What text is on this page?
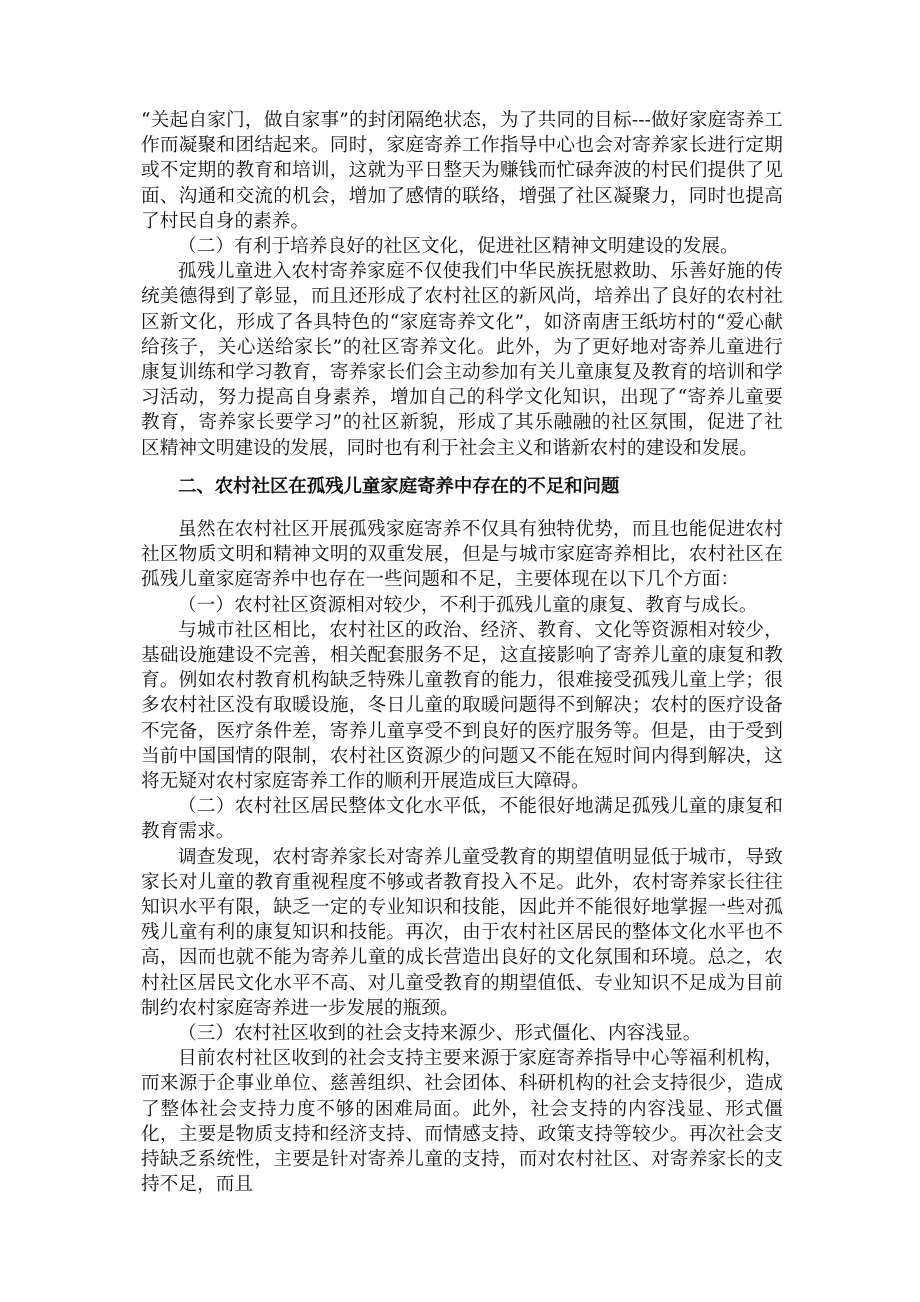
“关起自家门，做自家事”的封闭隔绝状态，为了共同的目标---做好家庭寄养工作而凝聚和团结起来。同时，家庭寄养工作指导中心也会对寄养家长进行定期或不定期的教育和培训，这就为平日整天为赚钱而忙碌奔波的村民们提供了见面、沟通和交流的机会，增加了感情的联络，增强了社区凝聚力，同时也提高了村民自身的素养。

（二）有利于培养良好的社区文化，促进社区精神文明建设的发展。

孤残儿童进入农村寄养家庭不仅使我们中华民族抚慰救助、乐善好施的传统美德得到了彰显，而且还形成了农村社区的新风尚，培养出了良好的农村社区新文化，形成了各具特色的“家庭寄养文化”，如济南唐王纸坊村的“爱心献给孩子，关心送给家长”的社区寄养文化。此外，为了更好地对寄养儿童进行康复训练和学习教育，寄养家长们会主动参加有关儿童康复及教育的培训和学习活动，努力提高自身素养，增加自己的科学文化知识，出现了“寄养儿童要教育，寄养家长要学习”的社区新貌，形成了其乐融融的社区氛围，促进了社区精神文明建设的发展，同时也有利于社会主义和谐新农村的建设和发展。

二、农村社区在孤残儿童家庭寄养中存在的不足和问题

虽然在农村社区开展孤残家庭寄养不仅具有独特优势，而且也能促进农村社区物质文明和精神文明的双重发展，但是与城市家庭寄养相比，农村社区在孤残儿童家庭寄养中也存在一些问题和不足，主要体现在以下几个方面：

（一）农村社区资源相对较少，不利于孤残儿童的康复、教育与成长。

与城市社区相比，农村社区的政治、经济、教育、文化等资源相对较少，基础设施建设不完善，相关配套服务不足，这直接影响了寄养儿童的康复和教育。例如农村教育机构缺乏特殊儿童教育的能力，很难接受孤残儿童上学；很多农村社区没有取暖设施，冬日儿童的取暖问题得不到解决；农村的医疗设备不完备，医疗条件差，寄养儿童享受不到良好的医疗服务等。但是，由于受到当前中国国情的限制，农村社区资源少的问题又不能在短时间内得到解决，这将无疑对农村家庭寄养工作的顺利开展造成巨大障碍。

（二）农村社区居民整体文化水平低，不能很好地满足孤残儿童的康复和教育需求。

调查发现，农村寄养家长对寄养儿童受教育的期望值明显低于城市，导致家长对儿童的教育重视程度不够或者教育投入不足。此外，农村寄养家长往往知识水平有限，缺乏一定的专业知识和技能，因此并不能很好地掌握一些对孤残儿童有利的康复知识和技能。再次，由于农村社区居民的整体文化水平也不高，因而也就不能为寄养儿童的成长营造出良好的文化氛围和环境。总之，农村社区居民文化水平不高、对儿童受教育的期望值低、专业知识不足成为目前制约农村家庭寄养进一步发展的瓶颈。

（三）农村社区收到的社会支持来源少、形式僵化、内容浅显。

目前农村社区收到的社会支持主要来源于家庭寄养指导中心等福利机构，而来源于企事业单位、慈善组织、社会团体、科研机构的社会支持很少，造成了整体社会支持力度不够的困难局面。此外，社会支持的内容浅显、形式僵化，主要是物质支持和经济支持、而情感支持、政策支持等较少。再次社会支持缺乏系统性，主要是针对寄养儿童的支持，而对农村社区、对寄养家长的支持不足，而且
